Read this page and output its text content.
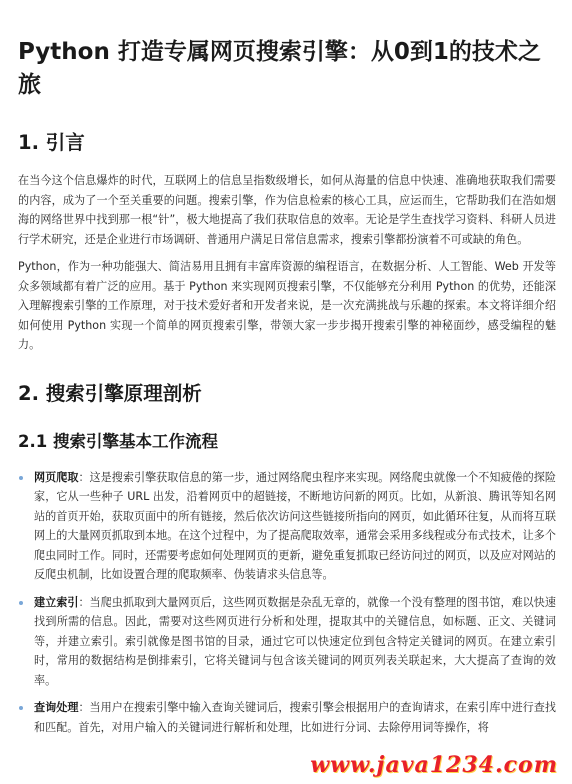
Python 打造专属网页搜索引擎：从0到1的技术之旅
1. 引言

在当今这个信息爆炸的时代，互联网上的信息呈指数级增长，如何从海量的信息中快速、准确地获取我们需要的内容，成为了一个至关重要的问题。搜索引擎，作为信息检索的核心工具，应运而生，它帮助我们在浩如烟海的网络世界中找到那一根“针”，极大地提高了我们获取信息的效率。无论是学生查找学习资料、科研人员进行学术研究，还是企业进行市场调研、普通用户满足日常信息需求，搜索引擎都扮演着不可或缺的角色。

Python，作为一种功能强大、简洁易用且拥有丰富库资源的编程语言，在数据分析、人工智能、Web 开发等众多领域都有着广泛的应用。基于 Python 来实现网页搜索引擎，不仅能够充分利用 Python 的优势，还能深入理解搜索引擎的工作原理，对于技术爱好者和开发者来说，是一次充满挑战与乐趣的探索。本文将详细介绍如何使用 Python 实现一个简单的网页搜索引擎，带领大家一步步揭开搜索引擎的神秘面纱，感受编程的魅力。

2. 搜索引擎原理剖析
2.1 搜索引擎基本工作流程
网页爬取：这是搜索引擎获取信息的第一步，通过网络爬虫程序来实现。网络爬虫就像一个不知疲倦的探险家，它从一些种子 URL 出发，沿着网页中的超链接，不断地访问新的网页。比如，从新浪、腾讯等知名网站的首页开始，获取页面中的所有链接，然后依次访问这些链接所指向的网页，如此循环往复，从而将互联网上的大量网页抓取到本地。在这个过程中，为了提高爬取效率，通常会采用多线程或分布式技术，让多个爬虫同时工作。同时，还需要考虑如何处理网页的更新，避免重复抓取已经访问过的网页，以及应对网站的反爬虫机制，比如设置合理的爬取频率、伪装请求头信息等。
建立索引：当爬虫抓取到大量网页后，这些网页数据是杂乱无章的，就像一个没有整理的图书馆，难以快速找到所需的信息。因此，需要对这些网页进行分析和处理，提取其中的关键信息，如标题、正文、关键词等，并建立索引。索引就像是图书馆的目录，通过它可以快速定位到包含特定关键词的网页。在建立索引时，常用的数据结构是倒排索引，它将关键词与包含该关键词的网页列表关联起来，大大提高了查询的效率。
查询处理：当用户在搜索引擎中输入查询关键词后，搜索引擎会根据用户的查询请求，在索引库中进行查找和匹配。首先，对用户输入的关键词进行解析和处理，比如进行分词、去除停用词等操作，将
www.java1234.com
